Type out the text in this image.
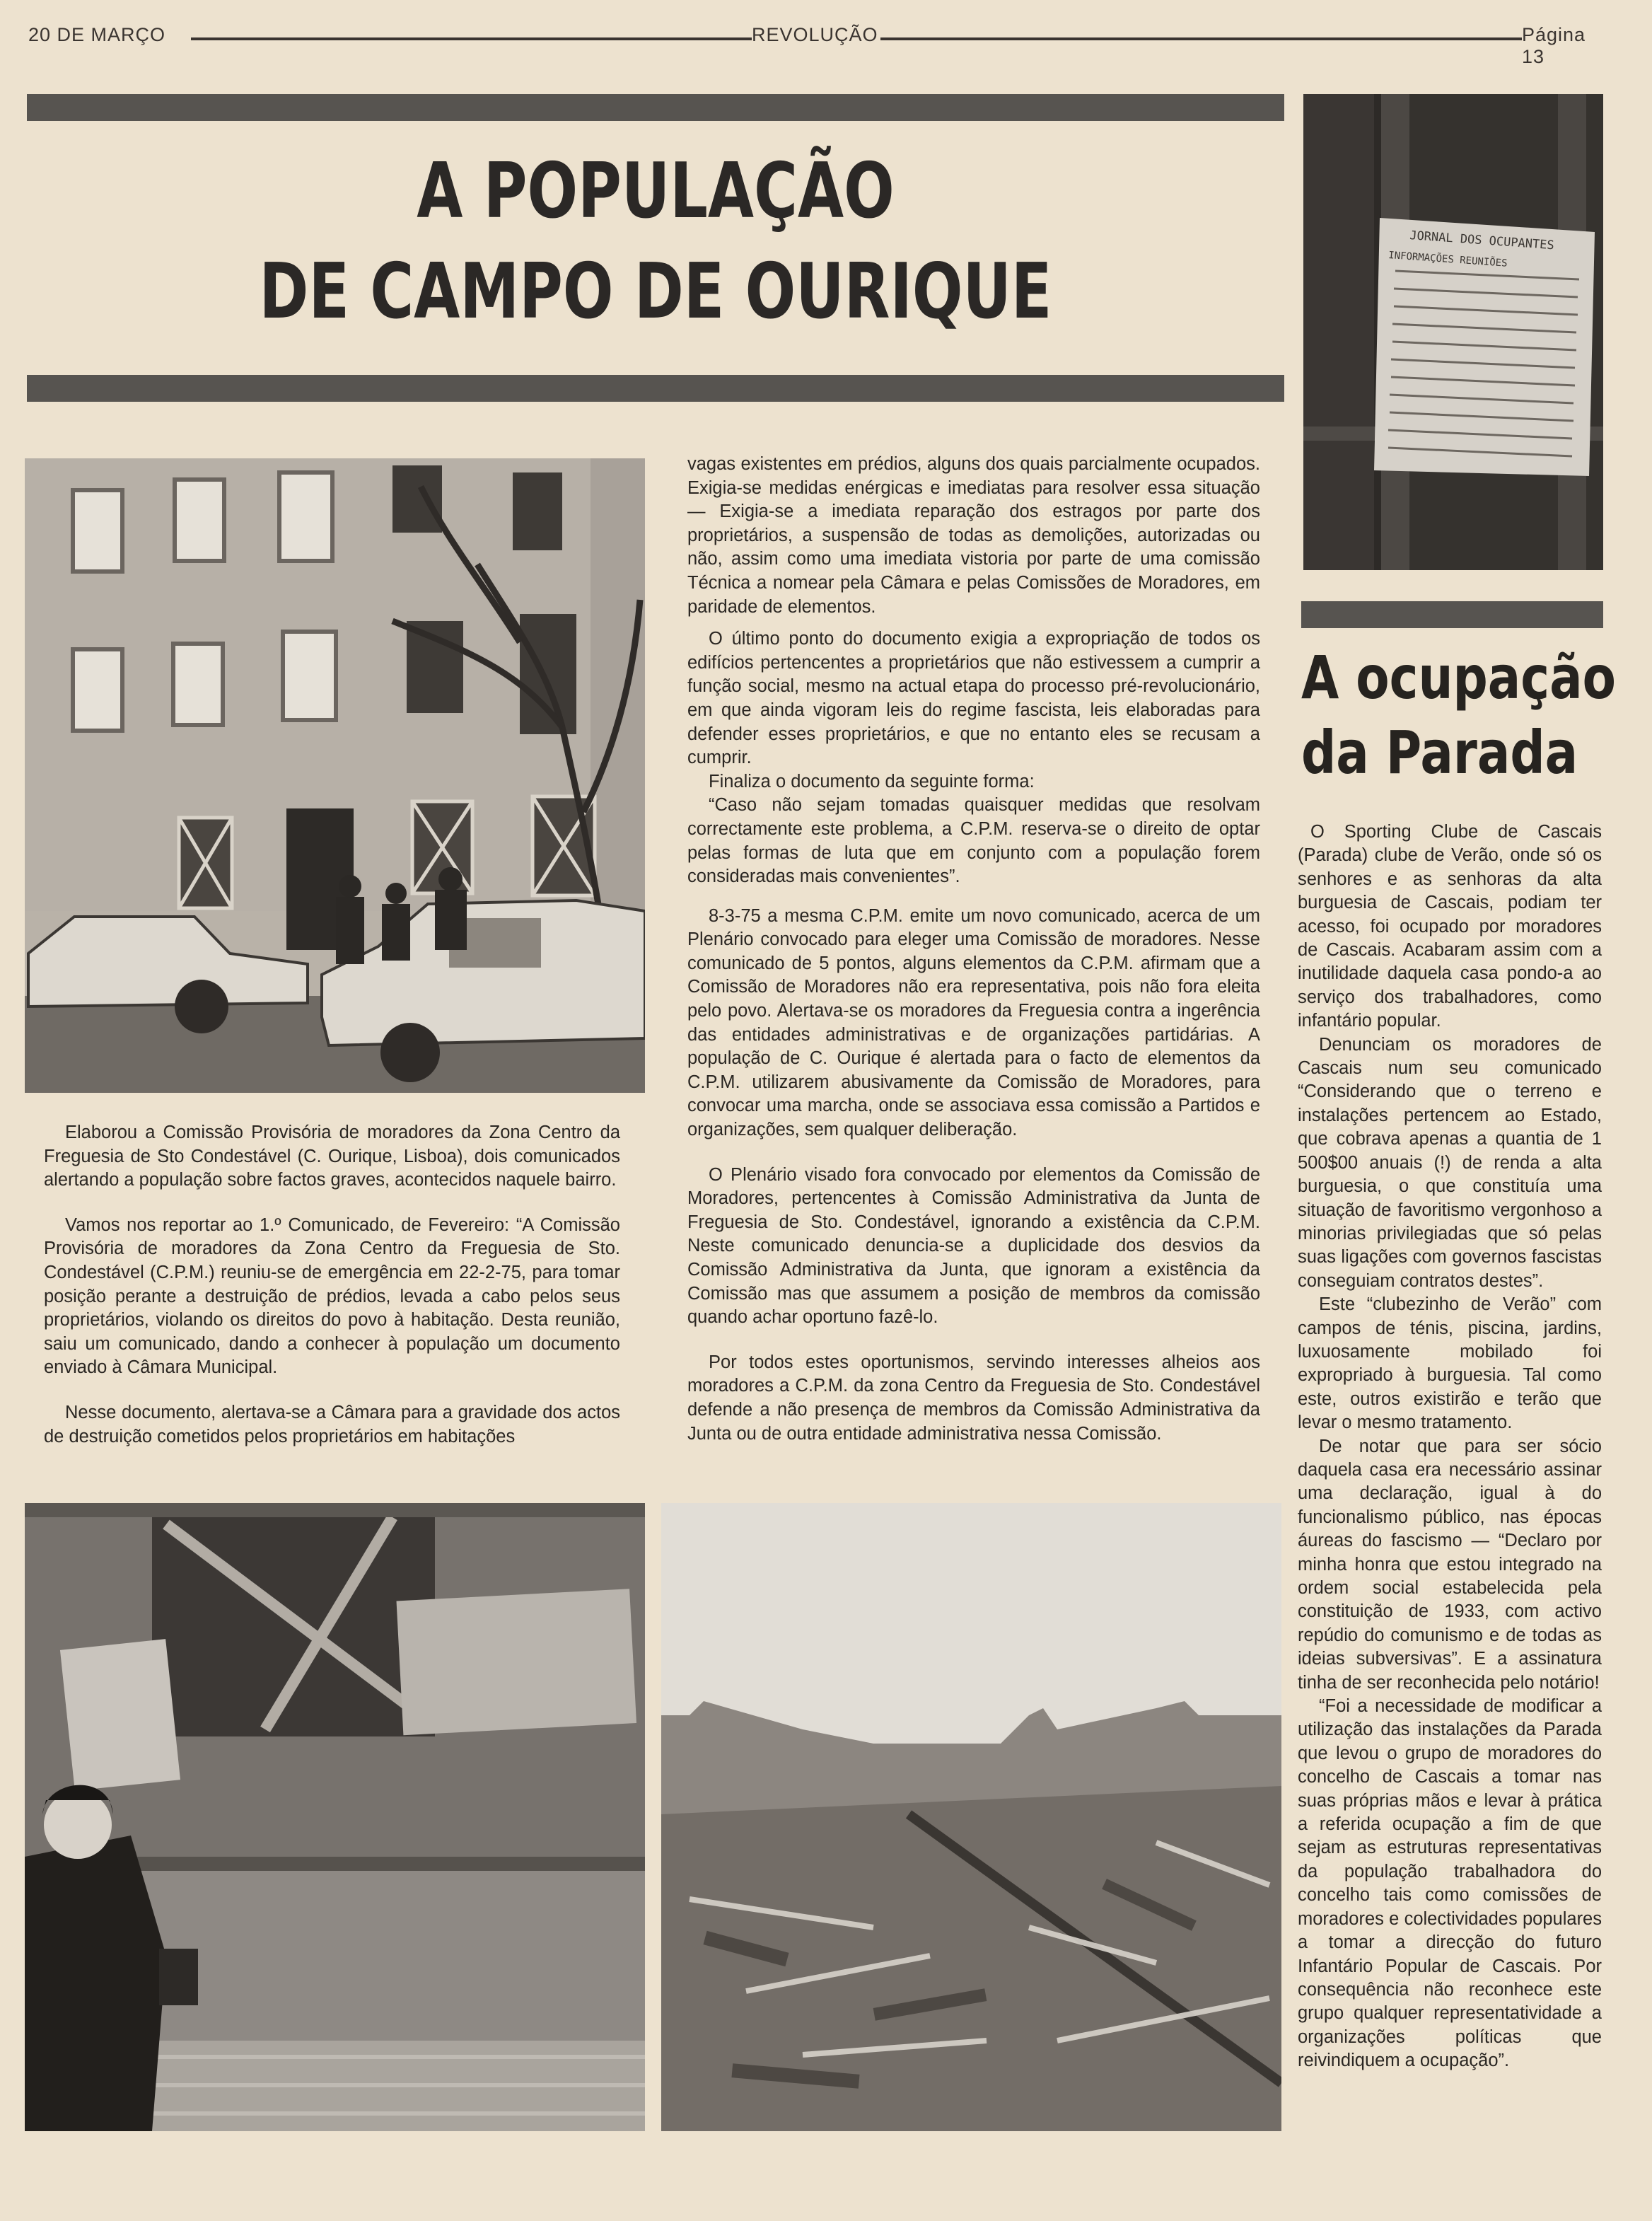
20 DE MARÇO	REVOLUÇÃO	Página 13
A POPULAÇÃO
DE CAMPO DE OURIQUE

Elaborou a Comissão Provisória de moradores da Zona Centro da Freguesia de Sto Condestável (C. Ourique, Lisboa), dois comunicados alertando a população sobre factos graves, acontecidos naquele bairro.

Vamos nos reportar ao 1.º Comunicado, de Fevereiro: “A Comissão Provisória de moradores da Zona Centro da Freguesia de Sto. Condestável (C.P.M.) reuniu-se de emergência em 22-2-75, para tomar posição perante a destruição de prédios, levada a cabo pelos seus proprietários, violando os direitos do povo à habitação. Desta reunião, saiu um comunicado, dando a conhecer à população um documento enviado à Câmara Municipal.

Nesse documento, alertava-se a Câmara para a gravidade dos actos de destruição cometidos pelos proprietários em habitações

vagas existentes em prédios, alguns dos quais parcialmente ocupados. Exigia-se medidas enérgicas e imediatas para resolver essa situação — Exigia-se a imediata reparação dos estragos por parte dos proprietários, a suspensão de todas as demolições, autorizadas ou não, assim como uma imediata vistoria por parte de uma comissão Técnica a nomear pela Câmara e pelas Comissões de Moradores, em paridade de elementos.

O último ponto do documento exigia a expropriação de todos os edifícios pertencentes a proprietários que não estivessem a cumprir a função social, mesmo na actual etapa do processo pré-revolucionário, em que ainda vigoram leis do regime fascista, leis elaboradas para defender esses proprietários, e que no entanto eles se recusam a cumprir.

Finaliza o documento da seguinte forma:

“Caso não sejam tomadas quaisquer medidas que resolvam correctamente este problema, a C.P.M. reserva-se o direito de optar pelas formas de luta que em conjunto com a população forem consideradas mais convenientes”.

8-3-75 a mesma C.P.M. emite um novo comunicado, acerca de um Plenário convocado para eleger uma Comissão de moradores. Nesse comunicado de 5 pontos, alguns elementos da C.P.M. afirmam que a Comissão de Moradores não era representativa, pois não fora eleita pelo povo. Alertava-se os moradores da Freguesia contra a ingerência das entidades administrativas e de organizações partidárias. A população de C. Ourique é alertada para o facto de elementos da C.P.M. utilizarem abusivamente da Comissão de Moradores, para convocar uma marcha, onde se associava essa comissão a Partidos e organizações, sem qualquer deliberação.

O Plenário visado fora convocado por elementos da Comissão de Moradores, pertencentes à Comissão Administrativa da Junta de Freguesia de Sto. Condestável, ignorando a existência da C.P.M. Neste comunicado denuncia-se a duplicidade dos desvios da Comissão Administrativa da Junta, que ignoram a existência da Comissão mas que assumem a posição de membros da comissão quando achar oportuno fazê-lo.

Por todos estes oportunismos, servindo interesses alheios aos moradores a C.P.M. da zona Centro da Freguesia de Sto. Condestável defende a não presença de membros da Comissão Administrativa da Junta ou de outra entidade administrativa nessa Comissão.

JORNAL DOS OCUPANTES
INFORMAÇÕES REUNIÕES
A ocupação
da Parada

O Sporting Clube de Cascais (Parada) clube de Verão, onde só os senhores e as senhoras da alta burguesia de Cascais, podiam ter acesso, foi ocupado por moradores de Cascais. Acabaram assim com a inutilidade daquela casa pondo-a ao serviço dos trabalhadores, como infantário popular.

Denunciam os moradores de Cascais num seu comunicado “Considerando que o terreno e instalações pertencem ao Estado, que cobrava apenas a quantia de 1 500$00 anuais (!) de renda a alta burguesia, o que constituía uma situação de favoritismo vergonhoso a minorias privilegiadas que só pelas suas ligações com governos fascistas conseguiam contratos destes”.

Este “clubezinho de Verão” com campos de ténis, piscina, jardins, luxuosamente mobilado foi expropriado à burguesia. Tal como este, outros existirão e terão que levar o mesmo tratamento.

De notar que para ser sócio daquela casa era necessário assinar uma declaração, igual à do funcionalismo público, nas épocas áureas do fascismo — “Declaro por minha honra que estou integrado na ordem social estabelecida pela constituição de 1933, com activo repúdio do comunismo e de todas as ideias subversivas”. E a assinatura tinha de ser reconhecida pelo notário!

“Foi a necessidade de modificar a utilização das instalações da Parada que levou o grupo de moradores do concelho de Cascais a tomar nas suas próprias mãos e levar à prática a referida ocupação a fim de que sejam as estruturas representativas da população trabalhadora do concelho tais como comissões de moradores e colectividades populares a tomar a direcção do futuro Infantário Popular de Cascais. Por consequência não reconhece este grupo qualquer representatividade a organizações políticas que reivindiquem a ocupação”.
